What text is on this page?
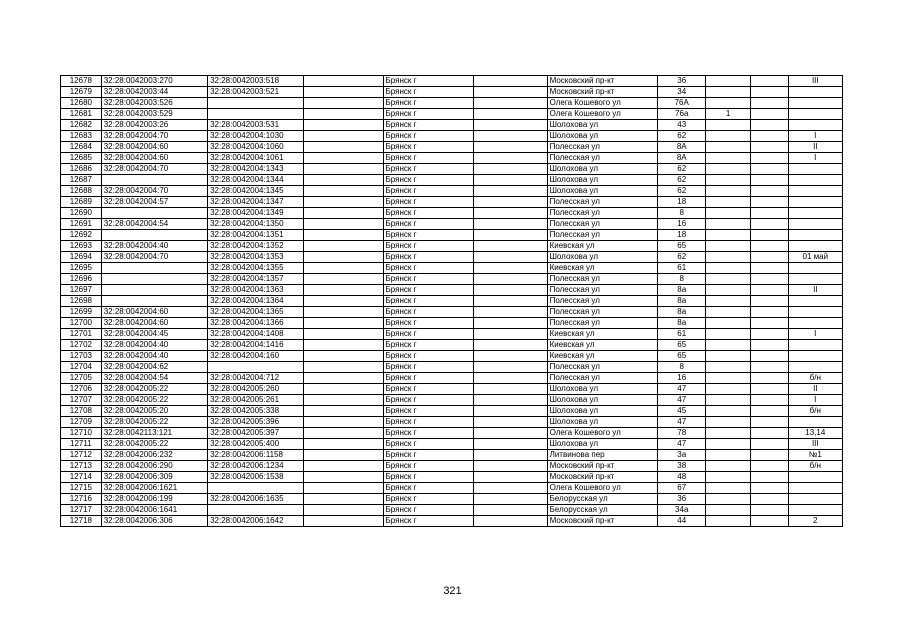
12678	32:28:0042003:270	32:28:0042003:518		Брянск г		Московский пр-кт	36			III
12679	32:28:0042003:44	32:28:0042003:521		Брянск г		Московский пр-кт	34			
12680	32:28:0042003:526			Брянск г		Олега Кошевого ул	76А			
12681	32:28:0042003:529			Брянск г		Олега Кошевого ул	76а	1		
12682	32:28:0042003:26	32:28:0042003:531		Брянск г		Шолохова ул	43			
12683	32:28:0042004:70	32:28:0042004:1030		Брянск г		Шолохова ул	62			I
12684	32:28:0042004:60	32:28:0042004:1060		Брянск г		Полесская ул	8А			II
12685	32:28:0042004:60	32:28:0042004:1061		Брянск г		Полесская ул	8А			I
12686	32:28:0042004:70	32:28:0042004:1343		Брянск г		Шолохова ул	62			
12687		32:28:0042004:1344		Брянск г		Шолохова ул	62			
12688	32:28:0042004:70	32:28:0042004:1345		Брянск г		Шолохова ул	62			
12689	32:28:0042004:57	32:28:0042004:1347		Брянск г		Полесская ул	18			
12690		32:28:0042004:1349		Брянск г		Полесская ул	8			
12691	32:28:0042004:54	32:28:0042004:1350		Брянск г		Полесская ул	16			
12692		32:28:0042004:1351		Брянск г		Полесская ул	18			
12693	32:28:0042004:40	32:28:0042004:1352		Брянск г		Киевская ул	65			
12694	32:28:0042004:70	32:28:0042004:1353		Брянск г		Шолохова ул	62			01 май
12695		32:28:0042004:1355		Брянск г		Киевская ул	61			
12696		32:28:0042004:1357		Брянск г		Полесская ул	8			
12697		32:28:0042004:1363		Брянск г		Полесская ул	8а			II
12698		32:28:0042004:1364		Брянск г		Полесская ул	8а			
12699	32:28:0042004:60	32:28:0042004:1365		Брянск г		Полесская ул	8а			
12700	32:28:0042004:60	32:28:0042004:1366		Брянск г		Полесская ул	8а			
12701	32:28:0042004:45	32:28:0042004:1408		Брянск г		Киевская ул	61			I
12702	32:28:0042004:40	32:28:0042004:1416		Брянск г		Киевская ул	65			
12703	32:28:0042004:40	32:28:0042004:160		Брянск г		Киевская ул	65			
12704	32:28:0042004:62			Брянск г		Полесская ул	8			
12705	32:28:0042004:54	32:28:0042004:712		Брянск г		Полесская ул	16			б/н
12706	32:28:0042005:22	32:28:0042005:260		Брянск г		Шолохова ул	47			II
12707	32:28:0042005:22	32:28:0042005:261		Брянск г		Шолохова ул	47			I
12708	32:28:0042005:20	32:28:0042005:338		Брянск г		Шолохова ул	45			б/н
12709	32:28:0042005:22	32:28:0042005:396		Брянск г		Шолохова ул	47			
12710	32:28:0042113:121	32:28:0042005:397		Брянск г		Олега Кошевого ул	78			13,14
12711	32:28:0042005:22	32:28:0042005:400		Брянск г		Шолохова ул	47			III
12712	32:28:0042006:232	32:28:0042006:1158		Брянск г		Литвинова пер	3а			№1
12713	32:28:0042006:290	32:28:0042006:1234		Брянск г		Московский пр-кт	38			б/н
12714	32:28:0042006:309	32:28:0042006:1538		Брянск г		Московский пр-кт	48			
12715	32:28:0042006:1621			Брянск г		Олега Кошевого ул	67			
12716	32:28:0042006:199	32:28:0042006:1635		Брянск г		Белорусская ул	36			
12717	32:28:0042006:1641			Брянск г		Белорусская ул	34а			
12718	32:28:0042006:306	32:28:0042006:1642		Брянск г		Московский пр-кт	44			2
321
